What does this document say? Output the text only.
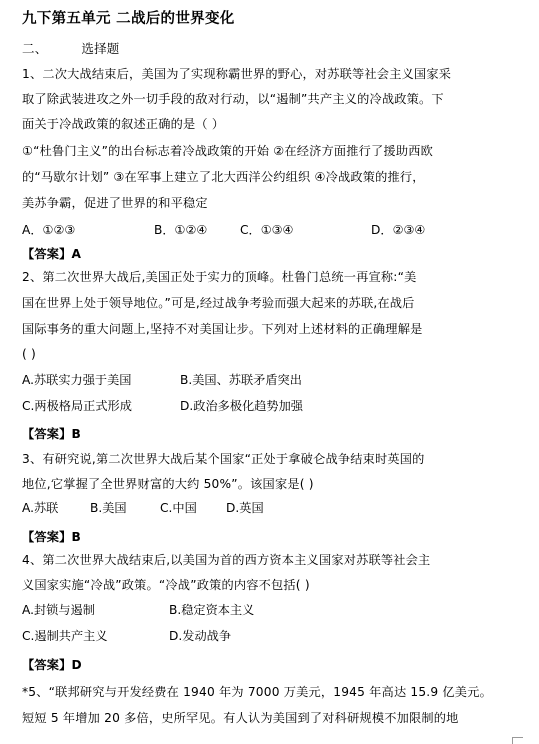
九下第五单元 二战后的世界变化
二、	选择题
1、二次大战结束后，美国为了实现称霸世界的野心，对苏联等社会主义国家采
取了除武装进攻之外一切手段的敌对行动，以“遏制”共产主义的冷战政策。下
面关于冷战政策的叙述正确的是（ ）
①“杜鲁门主义”的出台标志着冷战政策的开始 ②在经济方面推行了援助西欧
的“马歇尔计划” ③在军事上建立了北大西洋公约组织 ④冷战政策的推行，
美苏争霸，促进了世界的和平稳定
A．①②③	B．①②④	C．①③④	D．②③④
【答案】A
2、第二次世界大战后,美国正处于实力的顶峰。杜鲁门总统一再宣称:“美
国在世界上处于领导地位。”可是,经过战争考验而强大起来的苏联,在战后
国际事务的重大问题上,坚持不对美国让步。下列对上述材料的正确理解是
( )
A.苏联实力强于美国	B.美国、苏联矛盾突出
C.两极格局正式形成	D.政治多极化趋势加强
【答案】B
3、有研究说,第二次世界大战后某个国家“正处于拿破仑战争结束时英国的
地位,它掌握了全世界财富的大约 50%”。该国家是( )
A.苏联	B.美国	C.中国 D.英国
【答案】B
4、第二次世界大战结束后,以美国为首的西方资本主义国家对苏联等社会主
义国家实施“冷战”政策。“冷战”政策的内容不包括( )
A.封锁与遏制	B.稳定资本主义
C.遏制共产主义	D.发动战争
【答案】D
*5、“联邦研究与开发经费在 1940 年为 7000 万美元，1945 年高达 15.9 亿美元。
短短 5 年增加 20 多倍，史所罕见。有人认为美国到了对科研规模不加限制的地
